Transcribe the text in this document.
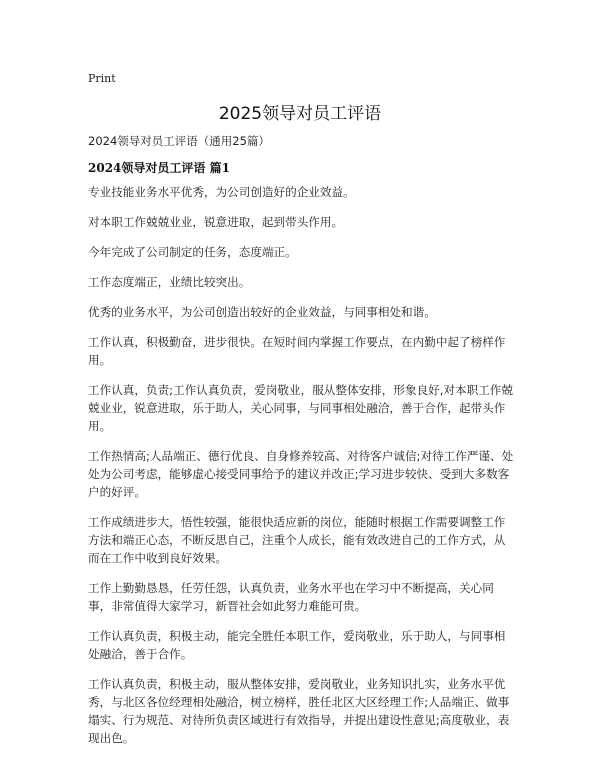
Print
2025领导对员工评语
2024领导对员工评语（通用25篇）
2024领导对员工评语 篇1

专业技能业务水平优秀，为公司创造好的企业效益。

对本职工作兢兢业业，锐意进取，起到带头作用。

今年完成了公司制定的任务，态度端正。

工作态度端正，业绩比较突出。

优秀的业务水平，为公司创造出较好的企业效益，与同事相处和谐。

工作认真，积极勤奋，进步很快。在短时间内掌握工作要点，在内勤中起了榜样作用。

工作认真，负责;工作认真负责，爱岗敬业，服从整体安排，形象良好,对本职工作兢兢业业，锐意进取，乐于助人，关心同事，与同事相处融洽，善于合作，起带头作用。

工作热情高;人品端正、德行优良、自身修养较高、对待客户诚信;对待工作严谨、处处为公司考虑，能够虚心接受同事给予的建议并改正;学习进步较快、受到大多数客户的好评。

工作成绩进步大，悟性较强，能很快适应新的岗位，能随时根据工作需要调整工作方法和端正心态，不断反思自己，注重个人成长，能有效改进自己的工作方式，从而在工作中收到良好效果。

工作上勤勤恳恳，任劳任怨，认真负责，业务水平也在学习中不断提高，关心同事，非常值得大家学习，新晋社会如此努力难能可贵。

工作认真负责，积极主动，能完全胜任本职工作，爱岗敬业，乐于助人，与同事相处融洽，善于合作。

工作认真负责，积极主动，服从整体安排，爱岗敬业，业务知识扎实，业务水平优秀，与北区各位经理相处融洽，树立榜样，胜任北区大区经理工作;人品端正、做事塌实、行为规范、对待所负责区域进行有效指导，并提出建设性意见;高度敬业，表现出色。
